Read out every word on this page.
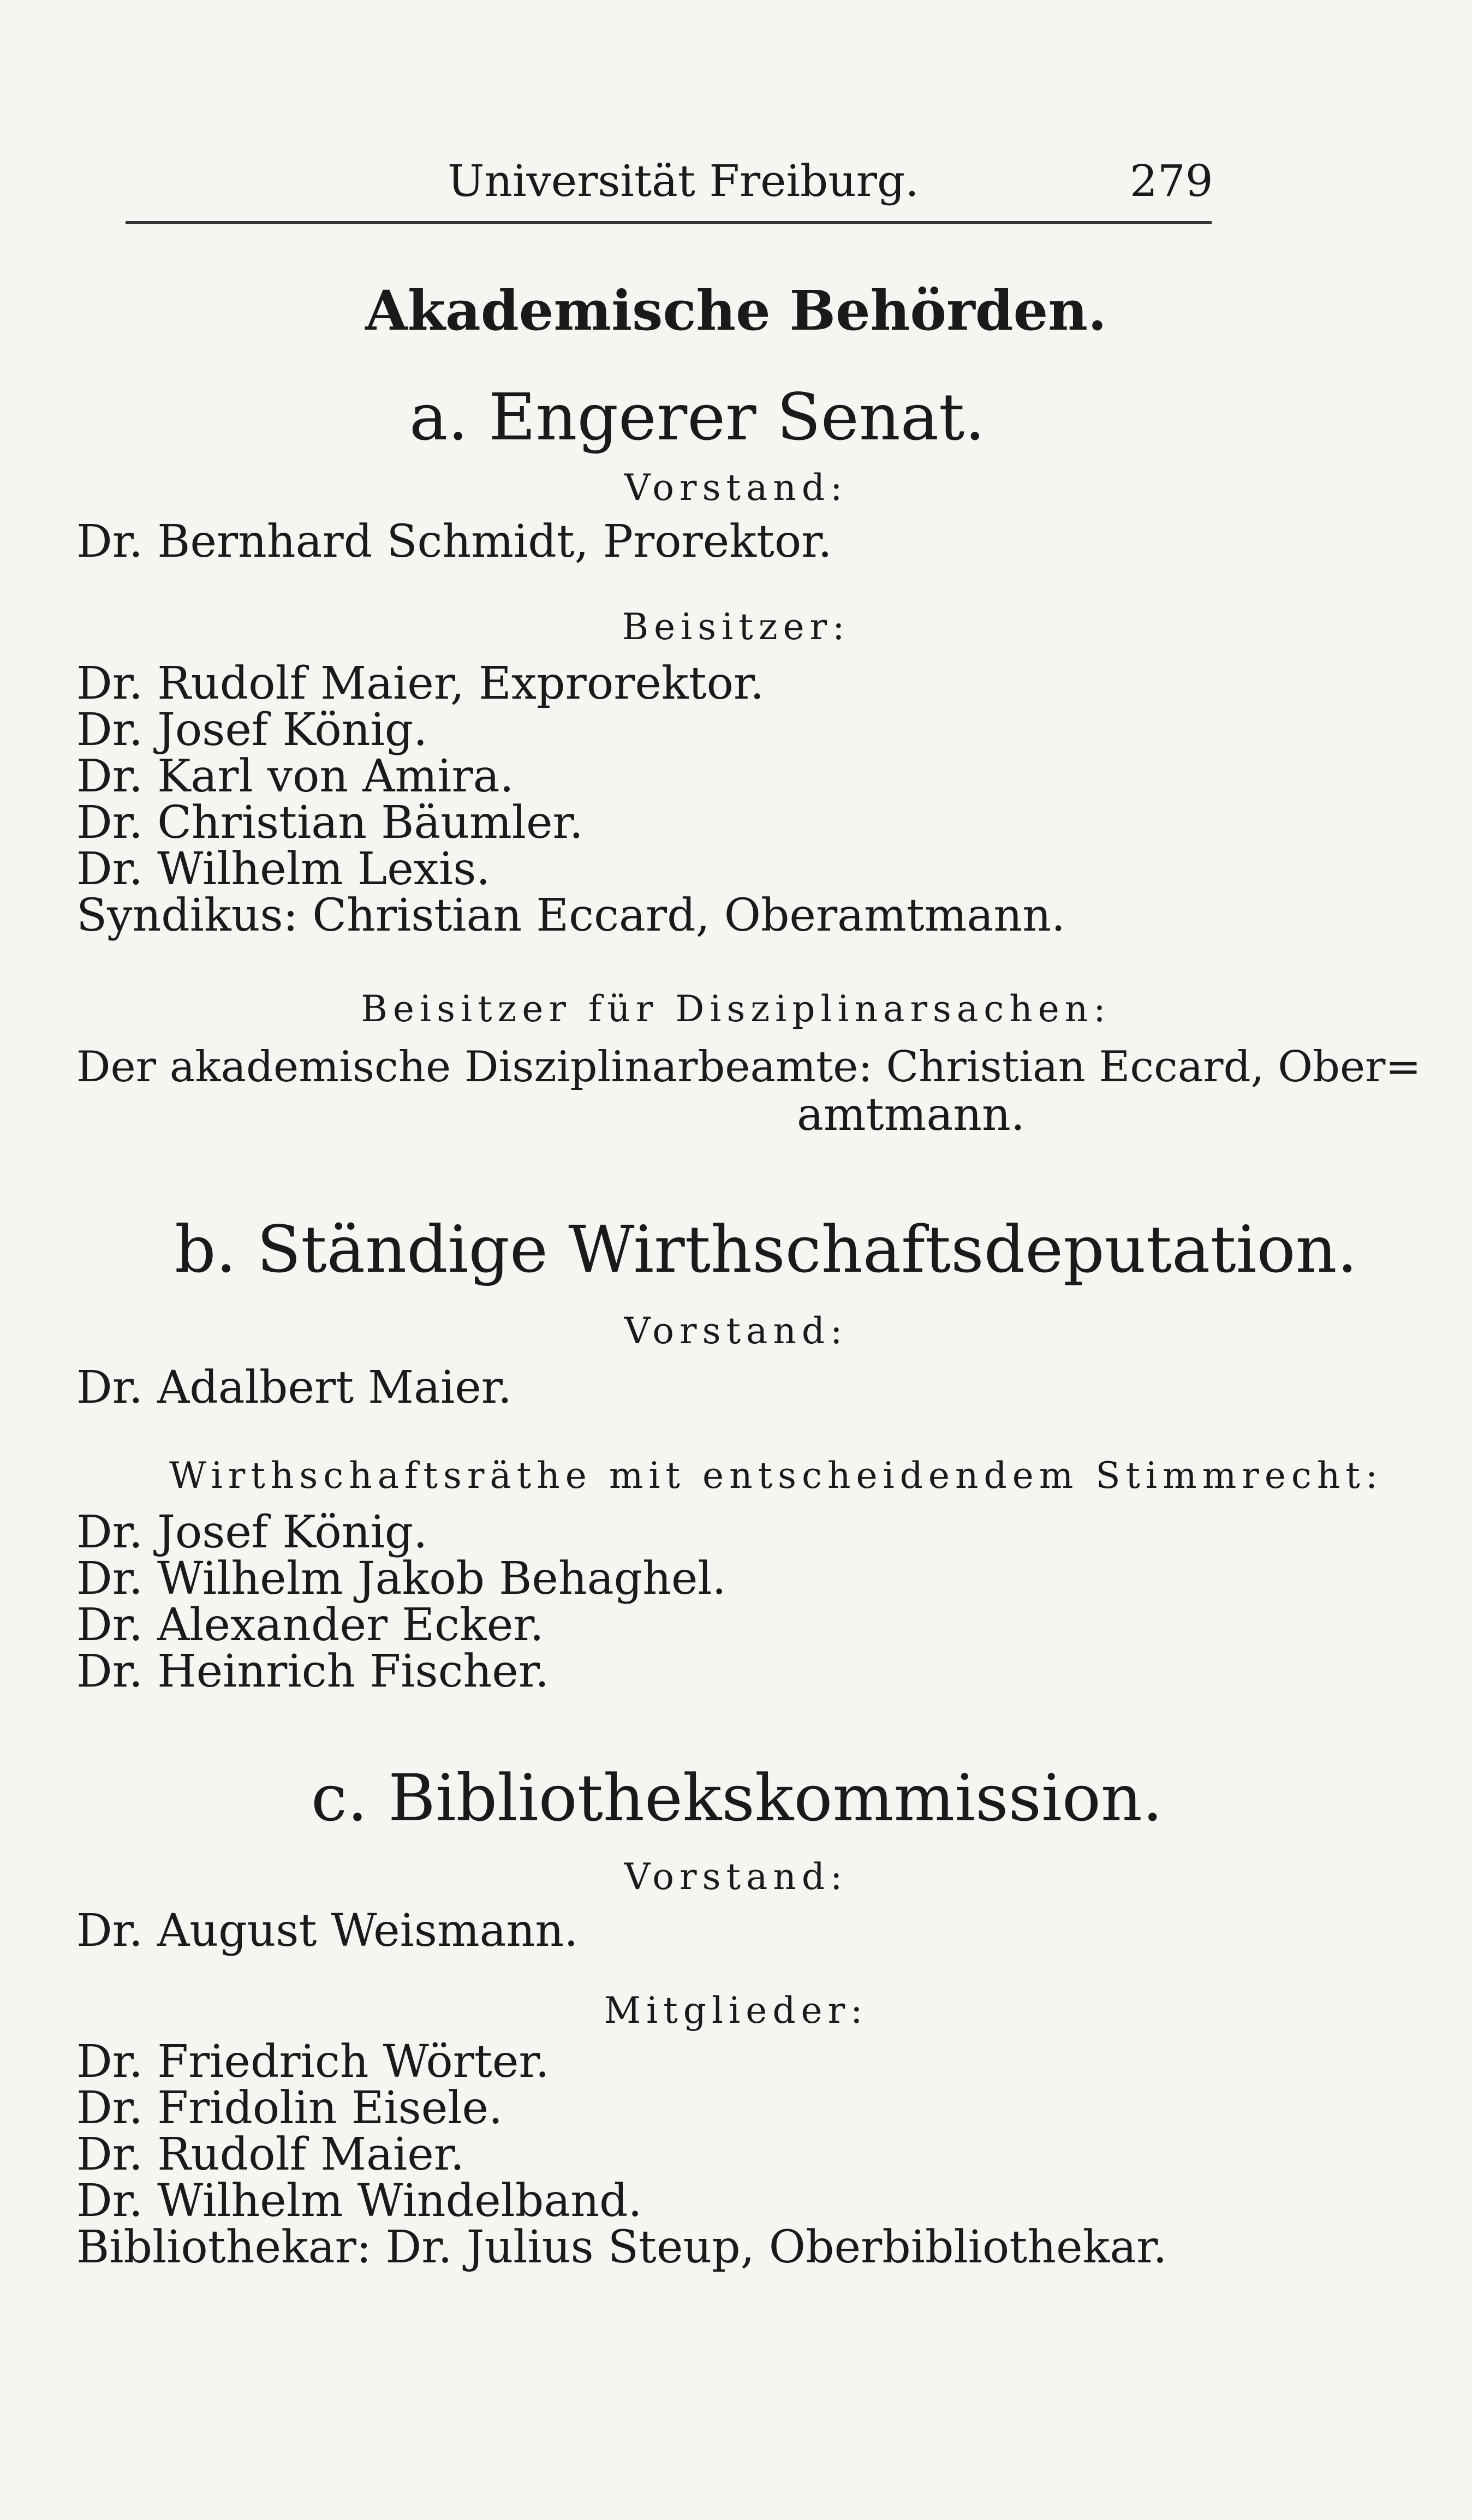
Universität Freiburg.	279
Akademische Behörden.
a. Engerer Senat.
Vorstand:
Dr. Bernhard Schmidt, Prorektor.
Beisitzer:
Dr. Rudolf Maier, Exprorektor.
Dr. Josef König.
Dr. Karl von Amira.
Dr. Christian Bäumler.
Dr. Wilhelm Lexis.
Syndikus: Christian Eccard, Oberamtmann.
Beisitzer für Disziplinarsachen:
Der akademische Disziplinarbeamte: Christian Eccard, Ober=
amtmann.
b. Ständige Wirthschaftsdeputation.
Vorstand:
Dr. Adalbert Maier.
Wirthschaftsräthe mit entscheidendem Stimmrecht:
Dr. Josef König.
Dr. Wilhelm Jakob Behaghel.
Dr. Alexander Ecker.
Dr. Heinrich Fischer.
c. Bibliothekskommission.
Vorstand:
Dr. August Weismann.
Mitglieder:
Dr. Friedrich Wörter.
Dr. Fridolin Eisele.
Dr. Rudolf Maier.
Dr. Wilhelm Windelband.
Bibliothekar: Dr. Julius Steup, Oberbibliothekar.
